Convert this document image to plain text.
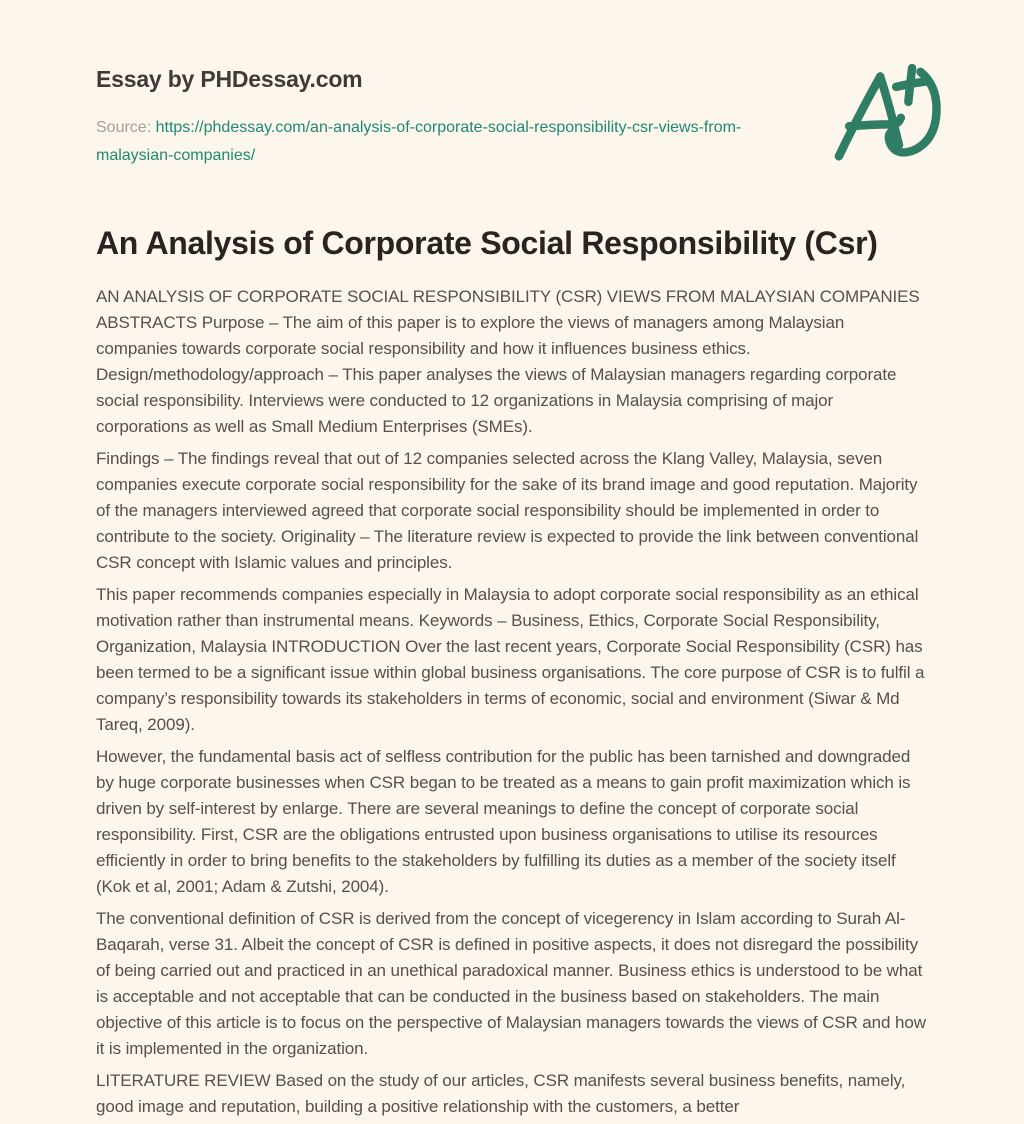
Essay by PHDessay.com
Source: https://phdessay.com/an-analysis-of-corporate-social-responsibility-csr-views-from-malaysian-companies/
An Analysis of Corporate Social Responsibility (Csr)

AN ANALYSIS OF CORPORATE SOCIAL RESPONSIBILITY (CSR) VIEWS FROM MALAYSIAN COMPANIES ABSTRACTS Purpose – The aim of this paper is to explore the views of managers among Malaysian companies towards corporate social responsibility and how it influences business ethics. Design/methodology/approach – This paper analyses the views of Malaysian managers regarding corporate social responsibility. Interviews were conducted to 12 organizations in Malaysia comprising of major corporations as well as Small Medium Enterprises (SMEs).

Findings – The findings reveal that out of 12 companies selected across the Klang Valley, Malaysia, seven companies execute corporate social responsibility for the sake of its brand image and good reputation. Majority of the managers interviewed agreed that corporate social responsibility should be implemented in order to contribute to the society. Originality – The literature review is expected to provide the link between conventional CSR concept with Islamic values and principles.

This paper recommends companies especially in Malaysia to adopt corporate social responsibility as an ethical motivation rather than instrumental means. Keywords – Business, Ethics, Corporate Social Responsibility, Organization, Malaysia INTRODUCTION Over the last recent years, Corporate Social Responsibility (CSR) has been termed to be a significant issue within global business organisations. The core purpose of CSR is to fulfil a company’s responsibility towards its stakeholders in terms of economic, social and environment (Siwar & Md Tareq, 2009).

However, the fundamental basis act of selfless contribution for the public has been tarnished and downgraded by huge corporate businesses when CSR began to be treated as a means to gain profit maximization which is driven by self-interest by enlarge. There are several meanings to define the concept of corporate social responsibility. First, CSR are the obligations entrusted upon business organisations to utilise its resources efficiently in order to bring benefits to the stakeholders by fulfilling its duties as a member of the society itself (Kok et al, 2001; Adam & Zutshi, 2004).

The conventional definition of CSR is derived from the concept of vicegerency in Islam according to Surah Al-Baqarah, verse 31. Albeit the concept of CSR is defined in positive aspects, it does not disregard the possibility of being carried out and practiced in an unethical paradoxical manner. Business ethics is understood to be what is acceptable and not acceptable that can be conducted in the business based on stakeholders. The main objective of this article is to focus on the perspective of Malaysian managers towards the views of CSR and how it is implemented in the organization.

LITERATURE REVIEW Based on the study of our articles, CSR manifests several business benefits, namely, good image and reputation, building a positive relationship with the customers, a better
